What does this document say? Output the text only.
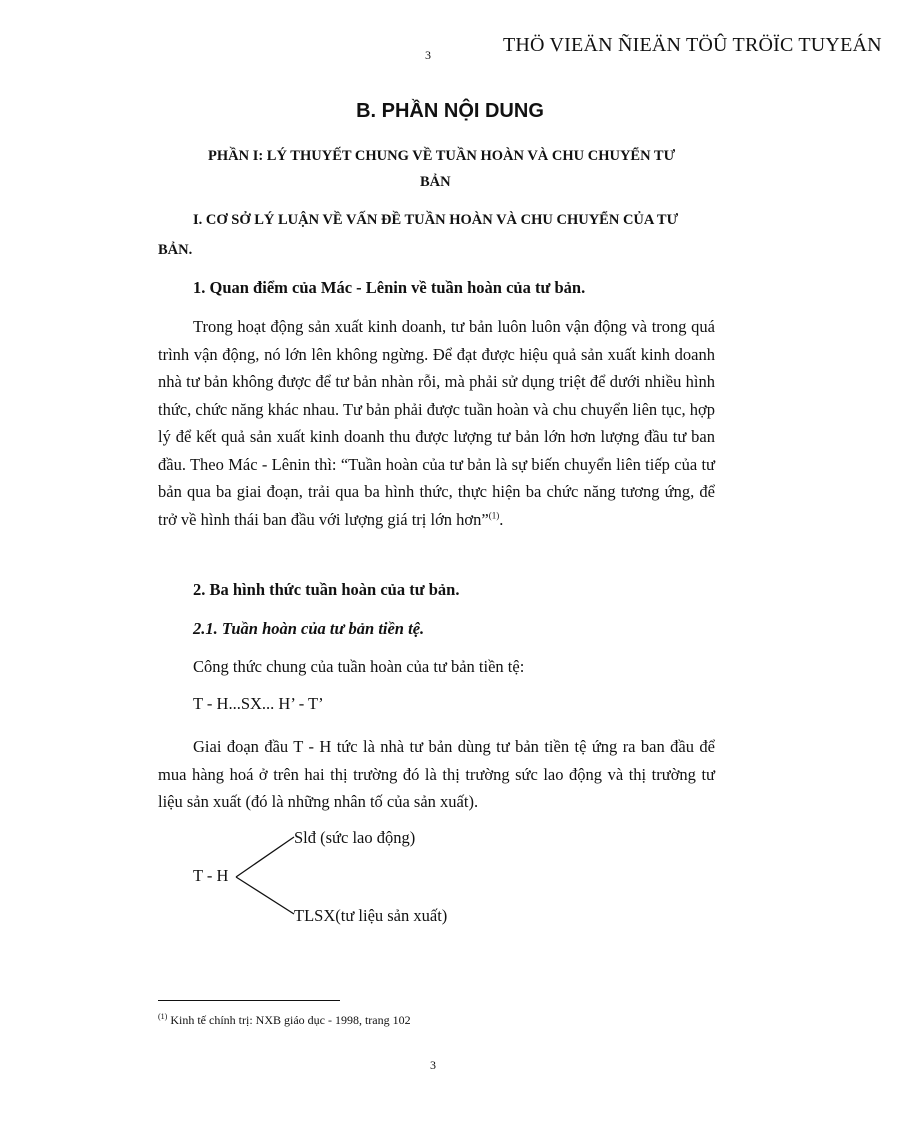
3	THÖ VIEÄN ÑIEÄN TÖÛ TRÖÏC TUYEÁN
B. PHẦN NỘI DUNG
PHẦN I: LÝ THUYẾT CHUNG VỀ TUẦN HOÀN VÀ CHU CHUYỂN TƯ
BẢN
I. CƠ SỞ LÝ LUẬN VỀ VẤN ĐỀ TUẦN HOÀN VÀ CHU CHUYỂN CỦA TƯ
BẢN.
1. Quan điểm của Mác - Lênin về tuần hoàn của tư bản.
Trong hoạt động sản xuất kinh doanh, tư bản luôn luôn vận động và trong quá trình vận động, nó lớn lên không ngừng. Để đạt được hiệu quả sản xuất kinh doanh nhà tư bản không được để tư bản nhàn rỗi, mà phải sử dụng triệt để dưới nhiều hình thức, chức năng khác nhau. Tư bản phải được tuần hoàn và chu chuyển liên tục, hợp lý để kết quả sản xuất kinh doanh thu được lượng tư bản lớn hơn lượng đầu tư ban đầu. Theo Mác - Lênin thì: “Tuần hoàn của tư bản là sự biến chuyển liên tiếp của tư bản qua ba giai đoạn, trải qua ba hình thức, thực hiện ba chức năng tương ứng, để trở về hình thái ban đầu với lượng giá trị lớn hơn”$^{(1)}$.
2. Ba hình thức tuần hoàn của tư bản.
2.1. Tuần hoàn của tư bản tiền tệ.
Công thức chung của tuần hoàn của tư bản tiền tệ:
T - H...SX... H’ - T’
Giai đoạn đầu T - H tức là nhà tư bản dùng tư bản tiền tệ ứng ra ban đầu để mua hàng hoá ở trên hai thị trường đó là thị trường sức lao động và thị trường tư liệu sản xuất (đó là những nhân tố của sản xuất).
T - H
Slđ (sức lao động)
TLSX(tư liệu sản xuất)
$^{(1)}$ Kinh tế chính trị: NXB giáo dục - 1998, trang 102
3
